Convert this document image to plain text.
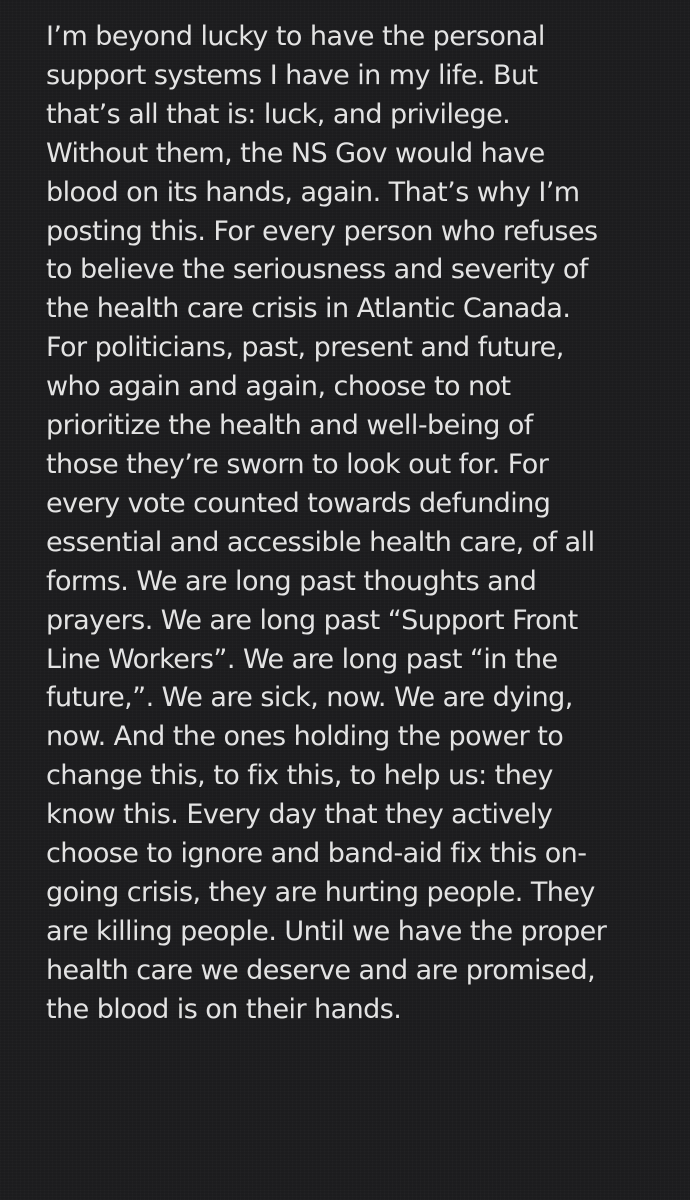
I’m beyond lucky to have the personal
support systems I have in my life. But
that’s all that is: luck, and privilege.
Without them, the NS Gov would have
blood on its hands, again. That’s why I’m
posting this. For every person who refuses
to believe the seriousness and severity of
the health care crisis in Atlantic Canada.
For politicians, past, present and future,
who again and again, choose to not
prioritize the health and well-being of
those they’re sworn to look out for. For
every vote counted towards defunding
essential and accessible health care, of all
forms. We are long past thoughts and
prayers. We are long past “Support Front
Line Workers”. We are long past “in the
future,”. We are sick, now. We are dying,
now. And the ones holding the power to
change this, to fix this, to help us: they
know this. Every day that they actively
choose to ignore and band-aid fix this on-
going crisis, they are hurting people. They
are killing people. Until we have the proper
health care we deserve and are promised,
the blood is on their hands.
